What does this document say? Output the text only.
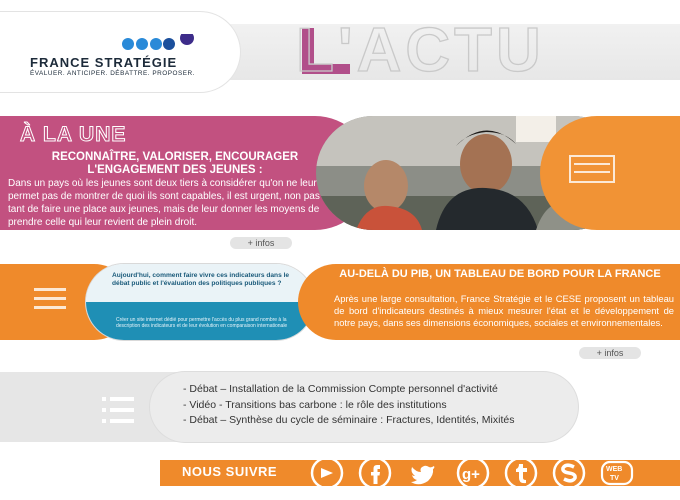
FRANCE STRATÉGIE
ÉVALUER. ANTICIPER. DÉBATTRE. PROPOSER. L'ACTU
À LA UNE
RECONNAÎTRE, VALORISER, ENCOURAGER L'ENGAGEMENT DES JEUNES :
Dans un pays où les jeunes sont deux tiers à considérer qu'on ne leur permet pas de montrer de quoi ils sont capables, il est urgent, non pas tant de faire une place aux jeunes, mais de leur donner les moyens de prendre celle qui leur revient de plein droit.
+ infos
Aujourd'hui, comment faire vivre ces indicateurs dans le débat public et l'évaluation des politiques publiques ?
Créer un site internet dédié pour permettre l'accès du plus grand nombre à la description des indicateurs et de leur évolution en comparaison internationale
AU-DELÀ DU PIB, UN TABLEAU DE BORD POUR LA FRANCE
Après une large consultation, France Stratégie et le CESE proposent un tableau de bord d'indicateurs destinés à mieux mesurer l'état et le développement de notre pays, dans ses dimensions économiques, sociales et environnementales.
+ infos
- Débat – Installation de la Commission Compte personnel d'activité
- Vidéo - Transitions bas carbone : le rôle des institutions
- Débat – Synthèse du cycle de séminaire : Fractures, Identités, Mixités
NOUS SUIVRE	g+	WEB
TV
